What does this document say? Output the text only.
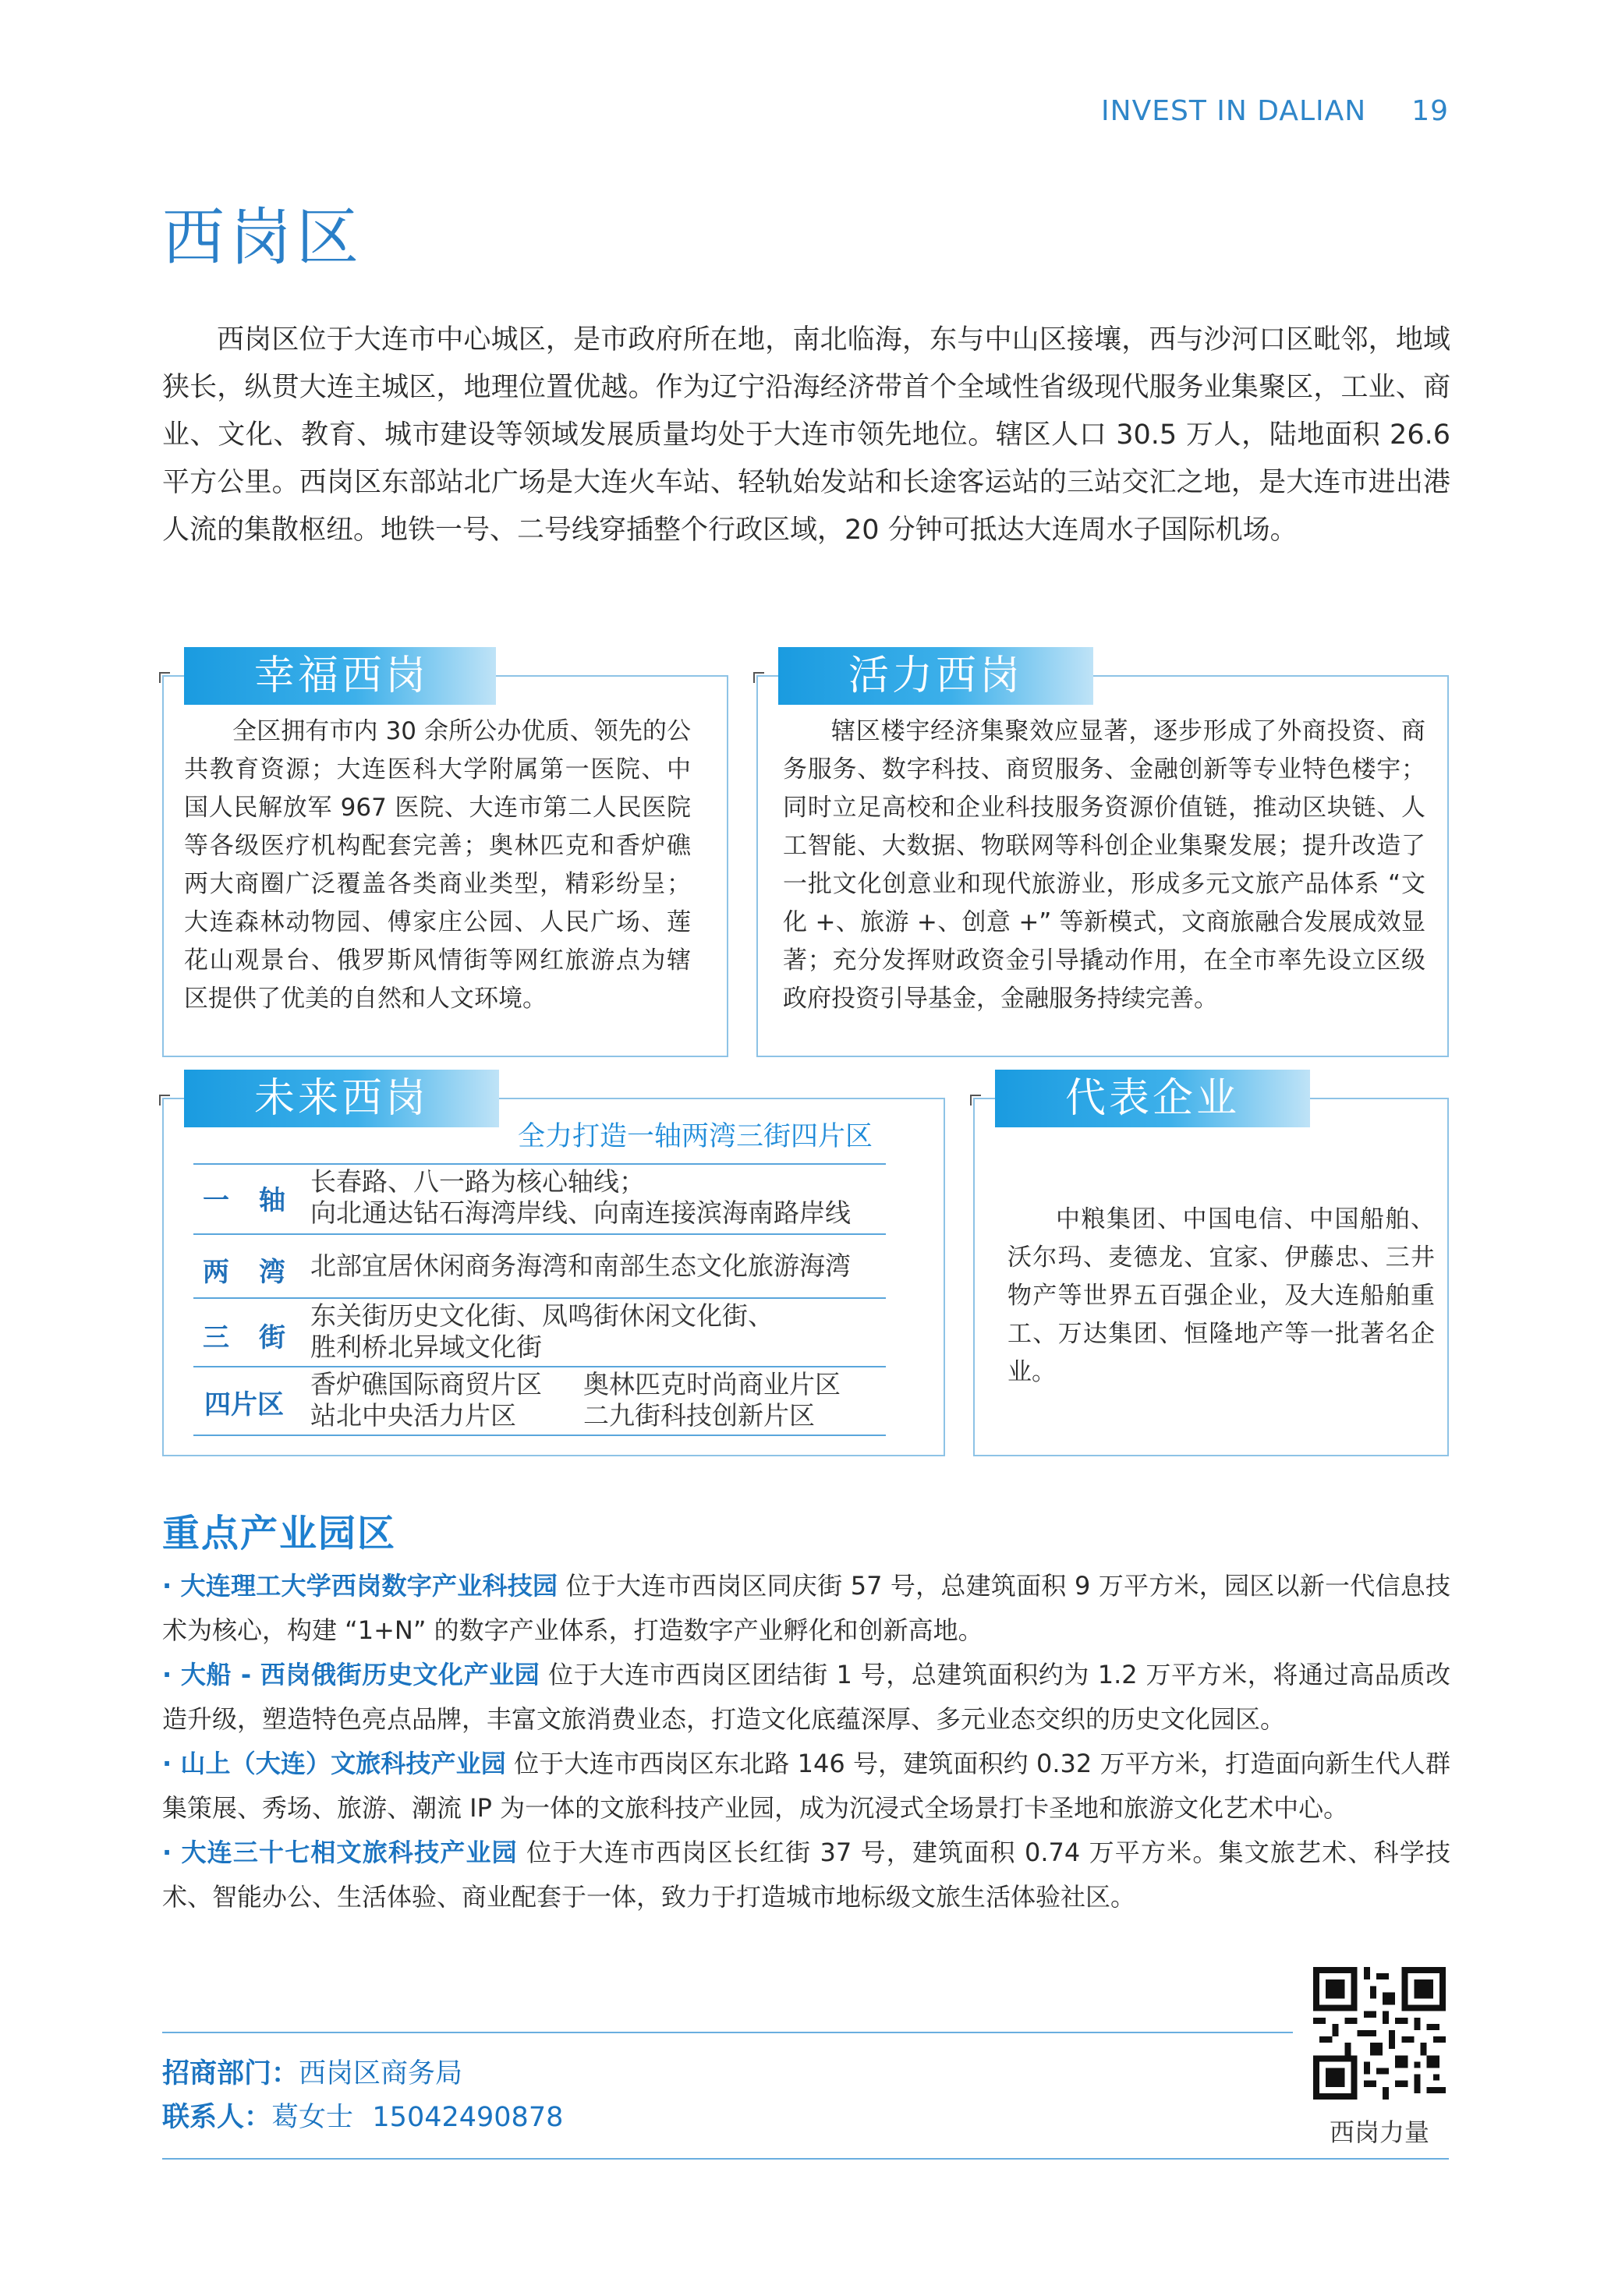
INVEST IN DALIAN 19
西岗区
西岗区位于大连市中心城区，是市政府所在地，南北临海，东与中山区接壤，西与沙河口区毗邻，地域狭长，纵贯大连主城区，地理位置优越。作为辽宁沿海经济带首个全域性省级现代服务业集聚区，工业、商业、文化、教育、城市建设等领域发展质量均处于大连市领先地位。辖区人口 30.5 万人，陆地面积 26.6 平方公里。西岗区东部站北广场是大连火车站、轻轨始发站和长途客运站的三站交汇之地，是大连市进出港人流的集散枢纽。地铁一号、二号线穿插整个行政区域，20 分钟可抵达大连周水子国际机场。
幸福西岗
全区拥有市内 30 余所公办优质、领先的公共教育资源；大连医科大学附属第一医院、中国人民解放军 967 医院、大连市第二人民医院等各级医疗机构配套完善；奥林匹克和香炉礁两大商圈广泛覆盖各类商业类型，精彩纷呈；大连森林动物园、傅家庄公园、人民广场、莲花山观景台、俄罗斯风情街等网红旅游点为辖区提供了优美的自然和人文环境。
活力西岗
辖区楼宇经济集聚效应显著，逐步形成了外商投资、商务服务、数字科技、商贸服务、金融创新等专业特色楼宇；同时立足高校和企业科技服务资源价值链，推动区块链、人工智能、大数据、物联网等科创企业集聚发展；提升改造了一批文化创意业和现代旅游业，形成多元文旅产品体系 “文化 +、旅游 +、创意 +” 等新模式，文商旅融合发展成效显著；充分发挥财政资金引导撬动作用，在全市率先设立区级政府投资引导基金，金融服务持续完善。
未来西岗
全力打造一轴两湾三街四片区
一 轴
长春路、八一路为核心轴线；
向北通达钻石海湾岸线、向南连接滨海南路岸线
两 湾 北部宜居休闲商务海湾和南部生态文化旅游海湾
三 街
东关街历史文化街、凤鸣街休闲文化街、
胜利桥北异域文化街
四片区
香炉礁国际商贸片区 奥林匹克时尚商业片区
站北中央活力片区	二九街科技创新片区
代表企业
中粮集团、中国电信、中国船舶、沃尔玛、麦德龙、宜家、伊藤忠、三井物产等世界五百强企业，及大连船舶重工、万达集团、恒隆地产等一批著名企业。
重点产业园区
· 大连理工大学西岗数字产业科技园 位于大连市西岗区同庆街 57 号，总建筑面积 9 万平方米，园区以新一代信息技术为核心，构建 “1+N” 的数字产业体系，打造数字产业孵化和创新高地。
· 大船 - 西岗俄街历史文化产业园 位于大连市西岗区团结街 1 号，总建筑面积约为 1.2 万平方米，将通过高品质改造升级，塑造特色亮点品牌，丰富文旅消费业态，打造文化底蕴深厚、多元业态交织的历史文化园区。
· 山上（大连）文旅科技产业园 位于大连市西岗区东北路 146 号，建筑面积约 0.32 万平方米，打造面向新生代人群集策展、秀场、旅游、潮流 IP 为一体的文旅科技产业园，成为沉浸式全场景打卡圣地和旅游文化艺术中心。
· 大连三十七相文旅科技产业园 位于大连市西岗区长红街 37 号，建筑面积 0.74 万平方米。集文旅艺术、科学技术、智能办公、生活体验、商业配套于一体，致力于打造城市地标级文旅生活体验社区。
招商部门：西岗区商务局
联系人：葛女士 15042490878	西岗力量
